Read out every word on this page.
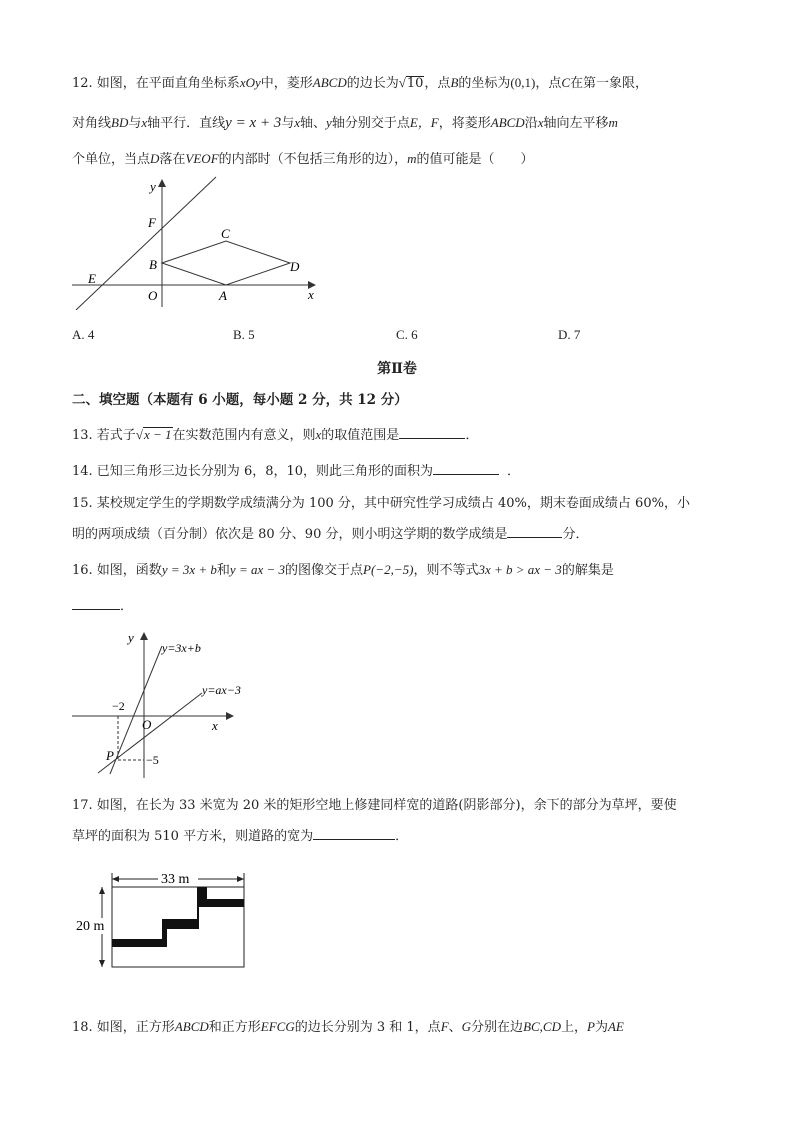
12. 如图，在平面直角坐标系xOy中，菱形ABCD的边长为√10，点B的坐标为(0,1)，点C在第一象限，
对角线BD与x轴平行．直线y = x + 3与x轴、y轴分别交于点E，F，将菱形ABCD沿x轴向左平移m
个单位，当点D落在VEOF的内部时（不包括三角形的边），m的值可能是（　　）
y
x
F
E
C
B	D
O	A
A. 4	B. 5	C. 6	D. 7
第Ⅱ卷
二、填空题（本题有 6 小题，每小题 2 分，共 12 分）
13. 若式子√x − 1在实数范围内有意义，则x的取值范围是	．
14. 已知三角形三边长分别为 6，8，10，则此三角形的面积为	．
15. 某校规定学生的学期数学成绩满分为 100 分，其中研究性学习成绩占 40%，期末卷面成绩占 60%，小
明的两项成绩（百分制）依次是 80 分、90 分，则小明这学期的数学成绩是	分．
16. 如图，函数y = 3x + b和y = ax − 3的图像交于点P(−2,−5)，则不等式3x + b > ax − 3的解集是
．
y
x
O
P
y=3x+b
y=ax−3
−2
−5
17. 如图，在长为 33 米宽为 20 米的矩形空地上修建同样宽的道路(阴影部分)，余下的部分为草坪，要使
草坪的面积为 510 平方米，则道路的宽为	．
33 m
20 m
18. 如图，正方形ABCD和正方形EFCG的边长分别为 3 和 1，点F、G分别在边BC,CD上，P为AE
